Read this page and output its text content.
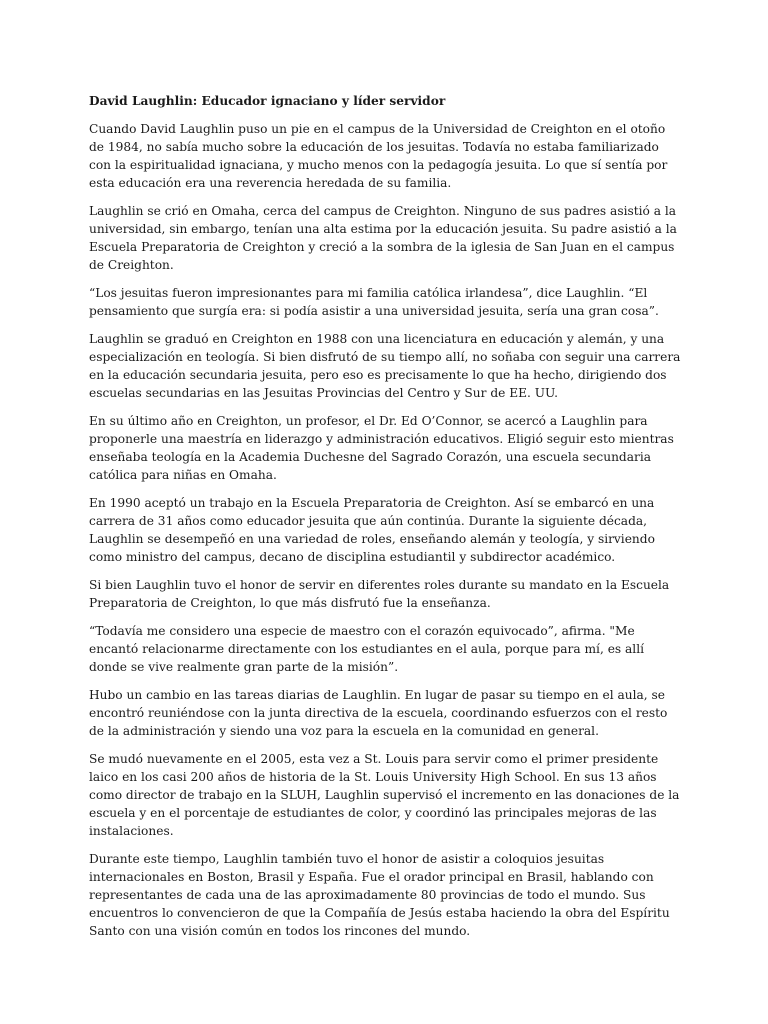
David Laughlin: Educador ignaciano y líder servidor

Cuando David Laughlin puso un pie en el campus de la Universidad de Creighton en el otoño de 1984, no sabía mucho sobre la educación de los jesuitas. Todavía no estaba familiarizado con la espiritualidad ignaciana, y mucho menos con la pedagogía jesuita. Lo que sí sentía por esta educación era una reverencia heredada de su familia.

Laughlin se crió en Omaha, cerca del campus de Creighton. Ninguno de sus padres asistió a la universidad, sin embargo, tenían una alta estima por la educación jesuita. Su padre asistió a la Escuela Preparatoria de Creighton y creció a la sombra de la iglesia de San Juan en el campus de Creighton.

“Los jesuitas fueron impresionantes para mi familia católica irlandesa”, dice Laughlin. “El pensamiento que surgía era: si podía asistir a una universidad jesuita, sería una gran cosa”.

Laughlin se graduó en Creighton en 1988 con una licenciatura en educación y alemán, y una especialización en teología. Si bien disfrutó de su tiempo allí, no soñaba con seguir una carrera en la educación secundaria jesuita, pero eso es precisamente lo que ha hecho, dirigiendo dos escuelas secundarias en las Jesuitas Provincias del Centro y Sur de EE. UU.

En su último año en Creighton, un profesor, el Dr. Ed O’Connor, se acercó a Laughlin para proponerle una maestría en liderazgo y administración educativos. Eligió seguir esto mientras enseñaba teología en la Academia Duchesne del Sagrado Corazón, una escuela secundaria católica para niñas en Omaha.

En 1990 aceptó un trabajo en la Escuela Preparatoria de Creighton. Así se embarcó en una carrera de 31 años como educador jesuita que aún continúa. Durante la siguiente década, Laughlin se desempeñó en una variedad de roles, enseñando alemán y teología, y sirviendo como ministro del campus, decano de disciplina estudiantil y subdirector académico.

Si bien Laughlin tuvo el honor de servir en diferentes roles durante su mandato en la Escuela Preparatoria de Creighton, lo que más disfrutó fue la enseñanza.

“Todavía me considero una especie de maestro con el corazón equivocado”, afirma. "Me encantó relacionarme directamente con los estudiantes en el aula, porque para mí, es allí donde se vive realmente gran parte de la misión”.

Hubo un cambio en las tareas diarias de Laughlin. En lugar de pasar su tiempo en el aula, se encontró reuniéndose con la junta directiva de la escuela, coordinando esfuerzos con el resto de la administración y siendo una voz para la escuela en la comunidad en general.

Se mudó nuevamente en el 2005, esta vez a St. Louis para servir como el primer presidente laico en los casi 200 años de historia de la St. Louis University High School. En sus 13 años como director de trabajo en la SLUH, Laughlin supervisó el incremento en las donaciones de la escuela y en el porcentaje de estudiantes de color, y coordinó las principales mejoras de las instalaciones.

Durante este tiempo, Laughlin también tuvo el honor de asistir a coloquios jesuitas internacionales en Boston, Brasil y España. Fue el orador principal en Brasil, hablando con representantes de cada una de las aproximadamente 80 provincias de todo el mundo. Sus encuentros lo convencieron de que la Compañía de Jesús estaba haciendo la obra del Espíritu Santo con una visión común en todos los rincones del mundo.
